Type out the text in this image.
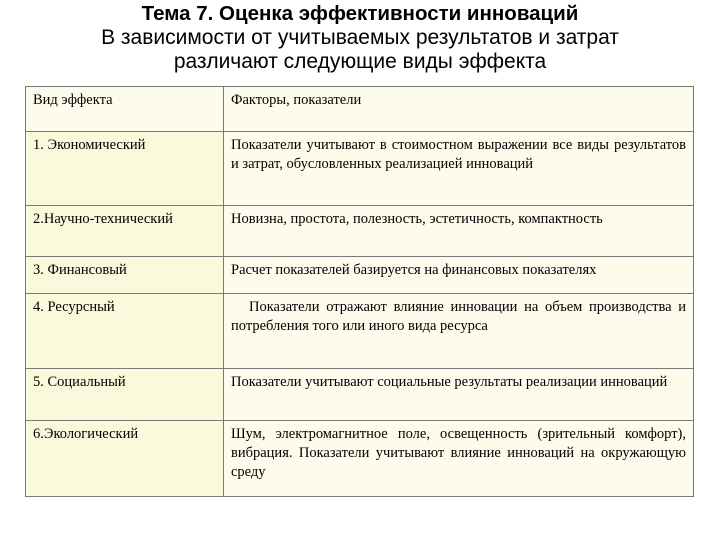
Тема 7. Оценка эффективности инноваций
В зависимости от учитываемых результатов и затрат
различают следующие виды эффекта
Вид эффекта	Факторы, показатели
1. Экономический	Показатели учитывают в стоимостном выражении все виды результатов и затрат, обусловленных реализацией инноваций
2.Научно-технический	Новизна, простота, полезность, эстетичность, компактность
3. Финансовый	Расчет показателей базируется на финансовых показателях
4. Ресурсный	Показатели отражают влияние инновации на объем производства и потребления того или иного вида ресурса
5. Социальный	Показатели учитывают социальные результаты реализации инноваций
6.Экологический	Шум, электромагнитное поле, освещенность (зрительный комфорт), вибрация. Показатели учитывают влияние инноваций на окружающую среду
